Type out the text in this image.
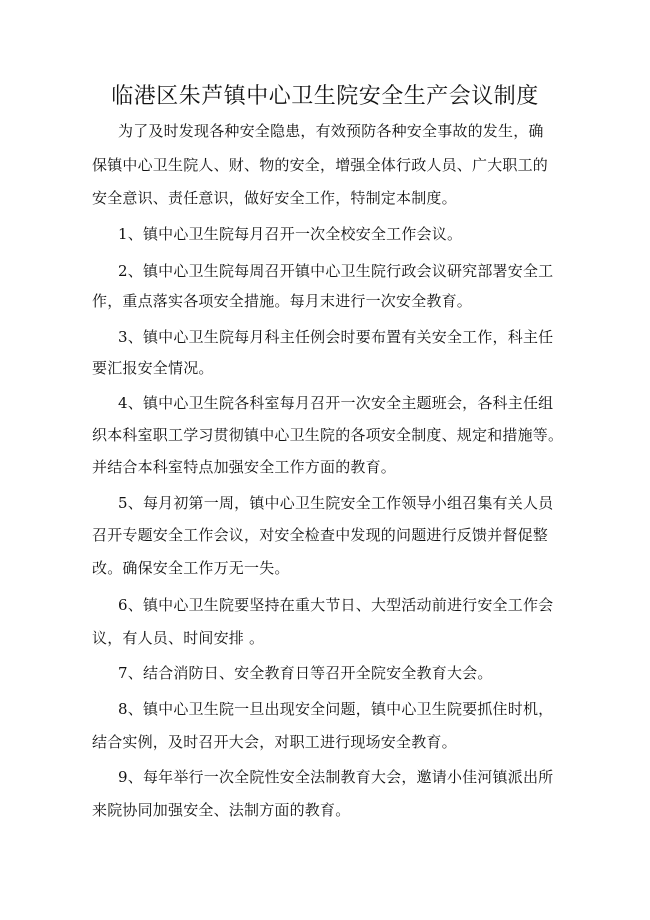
临港区朱芦镇中心卫生院安全生产会议制度
为了及时发现各种安全隐患，有效预防各种安全事故的发生，确
保镇中心卫生院人、财、物的安全，增强全体行政人员、广大职工的
安全意识、责任意识，做好安全工作，特制定本制度。
1、镇中心卫生院每月召开一次全校安全工作会议。
2、镇中心卫生院每周召开镇中心卫生院行政会议研究部署安全工
作，重点落实各项安全措施。每月末进行一次安全教育。
3、镇中心卫生院每月科主任例会时要布置有关安全工作，科主任
要汇报安全情况。
4、镇中心卫生院各科室每月召开一次安全主题班会，各科主任组
织本科室职工学习贯彻镇中心卫生院的各项安全制度、规定和措施等。
并结合本科室特点加强安全工作方面的教育。
5、每月初第一周，镇中心卫生院安全工作领导小组召集有关人员
召开专题安全工作会议，对安全检查中发现的问题进行反馈并督促整
改。确保安全工作万无一失。
6、镇中心卫生院要坚持在重大节日、大型活动前进行安全工作会
议，有人员、时间安排 。
7、结合消防日、安全教育日等召开全院安全教育大会。
8、镇中心卫生院一旦出现安全问题，镇中心卫生院要抓住时机，
结合实例，及时召开大会，对职工进行现场安全教育。
9、每年举行一次全院性安全法制教育大会，邀请小佳河镇派出所
来院协同加强安全、法制方面的教育。
